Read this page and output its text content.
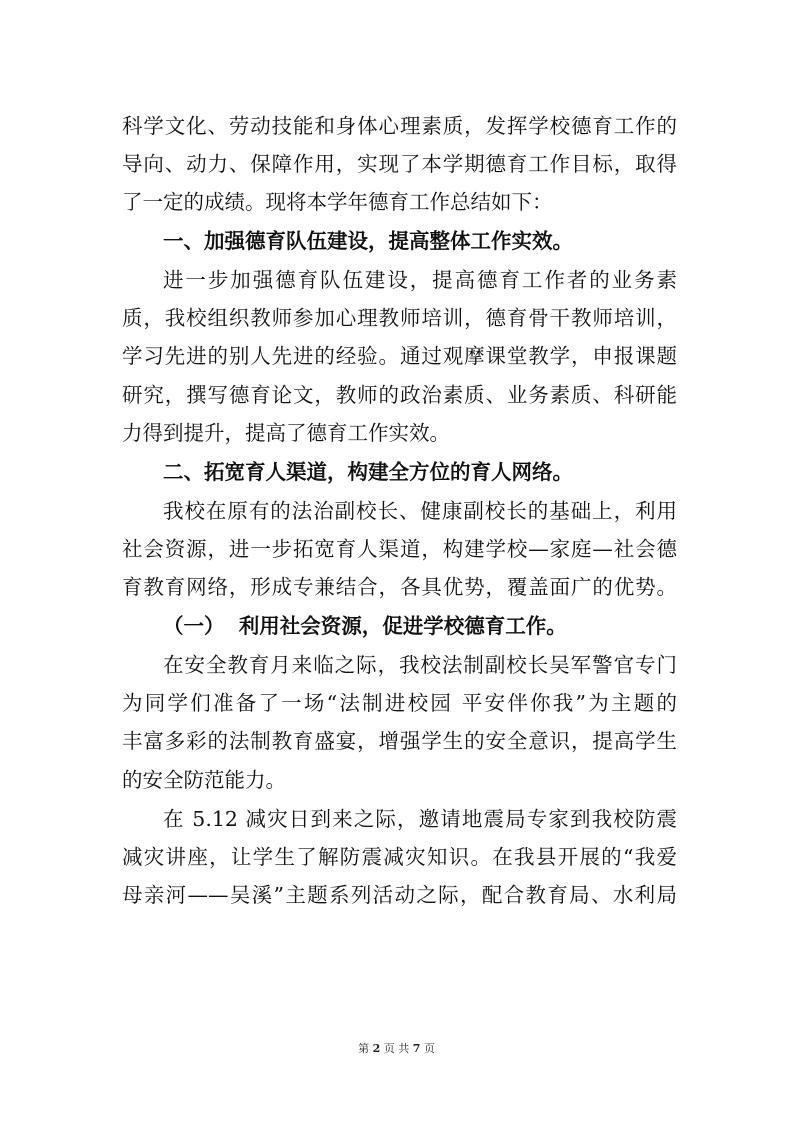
科学文化、劳动技能和身体心理素质，发挥学校德育工作的
导向、动力、保障作用，实现了本学期德育工作目标，取得
了一定的成绩。现将本学年德育工作总结如下：
一、加强德育队伍建设，提高整体工作实效。
进一步加强德育队伍建设，提高德育工作者的业务素
质，我校组织教师参加心理教师培训，德育骨干教师培训，
学习先进的别人先进的经验。通过观摩课堂教学，申报课题
研究，撰写德育论文，教师的政治素质、业务素质、科研能
力得到提升，提高了德育工作实效。
二、拓宽育人渠道，构建全方位的育人网络。
我校在原有的法治副校长、健康副校长的基础上，利用
社会资源，进一步拓宽育人渠道，构建学校—家庭—社会德
育教育网络，形成专兼结合，各具优势，覆盖面广的优势。
（一）  利用社会资源，促进学校德育工作。
在安全教育月来临之际，我校法制副校长吴军警官专门
为同学们准备了一场“法制进校园 平安伴你我”为主题的
丰富多彩的法制教育盛宴，增强学生的安全意识，提高学生
的安全防范能力。
在 5.12 减灾日到来之际，邀请地震局专家到我校防震
减灾讲座，让学生了解防震减灾知识。在我县开展的“我爱
母亲河——吴溪”主题系列活动之际，配合教育局、水利局
第 2 页 共 7 页
